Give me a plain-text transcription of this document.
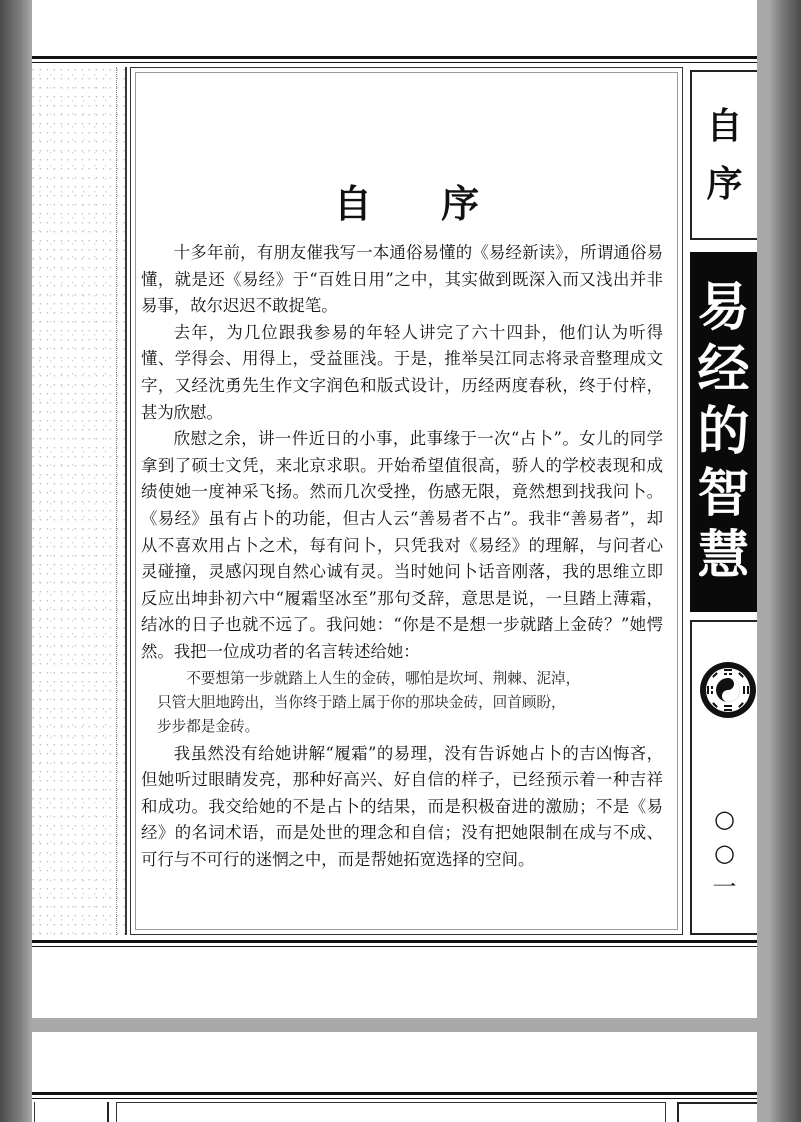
自 序

十多年前，有朋友催我写一本通俗易懂的《易经新读》，所谓通俗易懂，就是还《易经》于“百姓日用”之中，其实做到既深入而又浅出并非易事，故尔迟迟不敢捉笔。

去年，为几位跟我参易的年轻人讲完了六十四卦，他们认为听得懂、学得会、用得上，受益匪浅。于是，推举吴江同志将录音整理成文字，又经沈勇先生作文字润色和版式设计，历经两度春秋，终于付梓，甚为欣慰。

欣慰之余，讲一件近日的小事，此事缘于一次“占卜”。女儿的同学拿到了硕士文凭，来北京求职。开始希望值很高，骄人的学校表现和成绩使她一度神采飞扬。然而几次受挫，伤感无限，竟然想到找我问卜。《易经》虽有占卜的功能，但古人云“善易者不占”。我非“善易者”，却从不喜欢用占卜之术，每有问卜，只凭我对《易经》的理解，与问者心灵碰撞，灵感闪现自然心诚有灵。当时她问卜话音刚落，我的思维立即反应出坤卦初六中“履霜坚冰至”那句爻辞，意思是说，一旦踏上薄霜，结冰的日子也就不远了。我问她：“你是不是想一步就踏上金砖？”她愕然。我把一位成功者的名言转述给她：

不要想第一步就踏上人生的金砖，哪怕是坎坷、荆棘、泥淖，

只管大胆地跨出，当你终于踏上属于你的那块金砖，回首顾盼，

步步都是金砖。

我虽然没有给她讲解“履霜”的易理，没有告诉她占卜的吉凶悔吝，但她听过眼睛发亮，那种好高兴、好自信的样子，已经预示着一种吉祥和成功。我交给她的不是占卜的结果，而是积极奋进的激励；不是《易经》的名词术语，而是处世的理念和自信；没有把她限制在成与不成、可行与不可行的迷惘之中，而是帮她拓宽选择的空间。

自
序
易
经
的
智
慧
○
○
一
